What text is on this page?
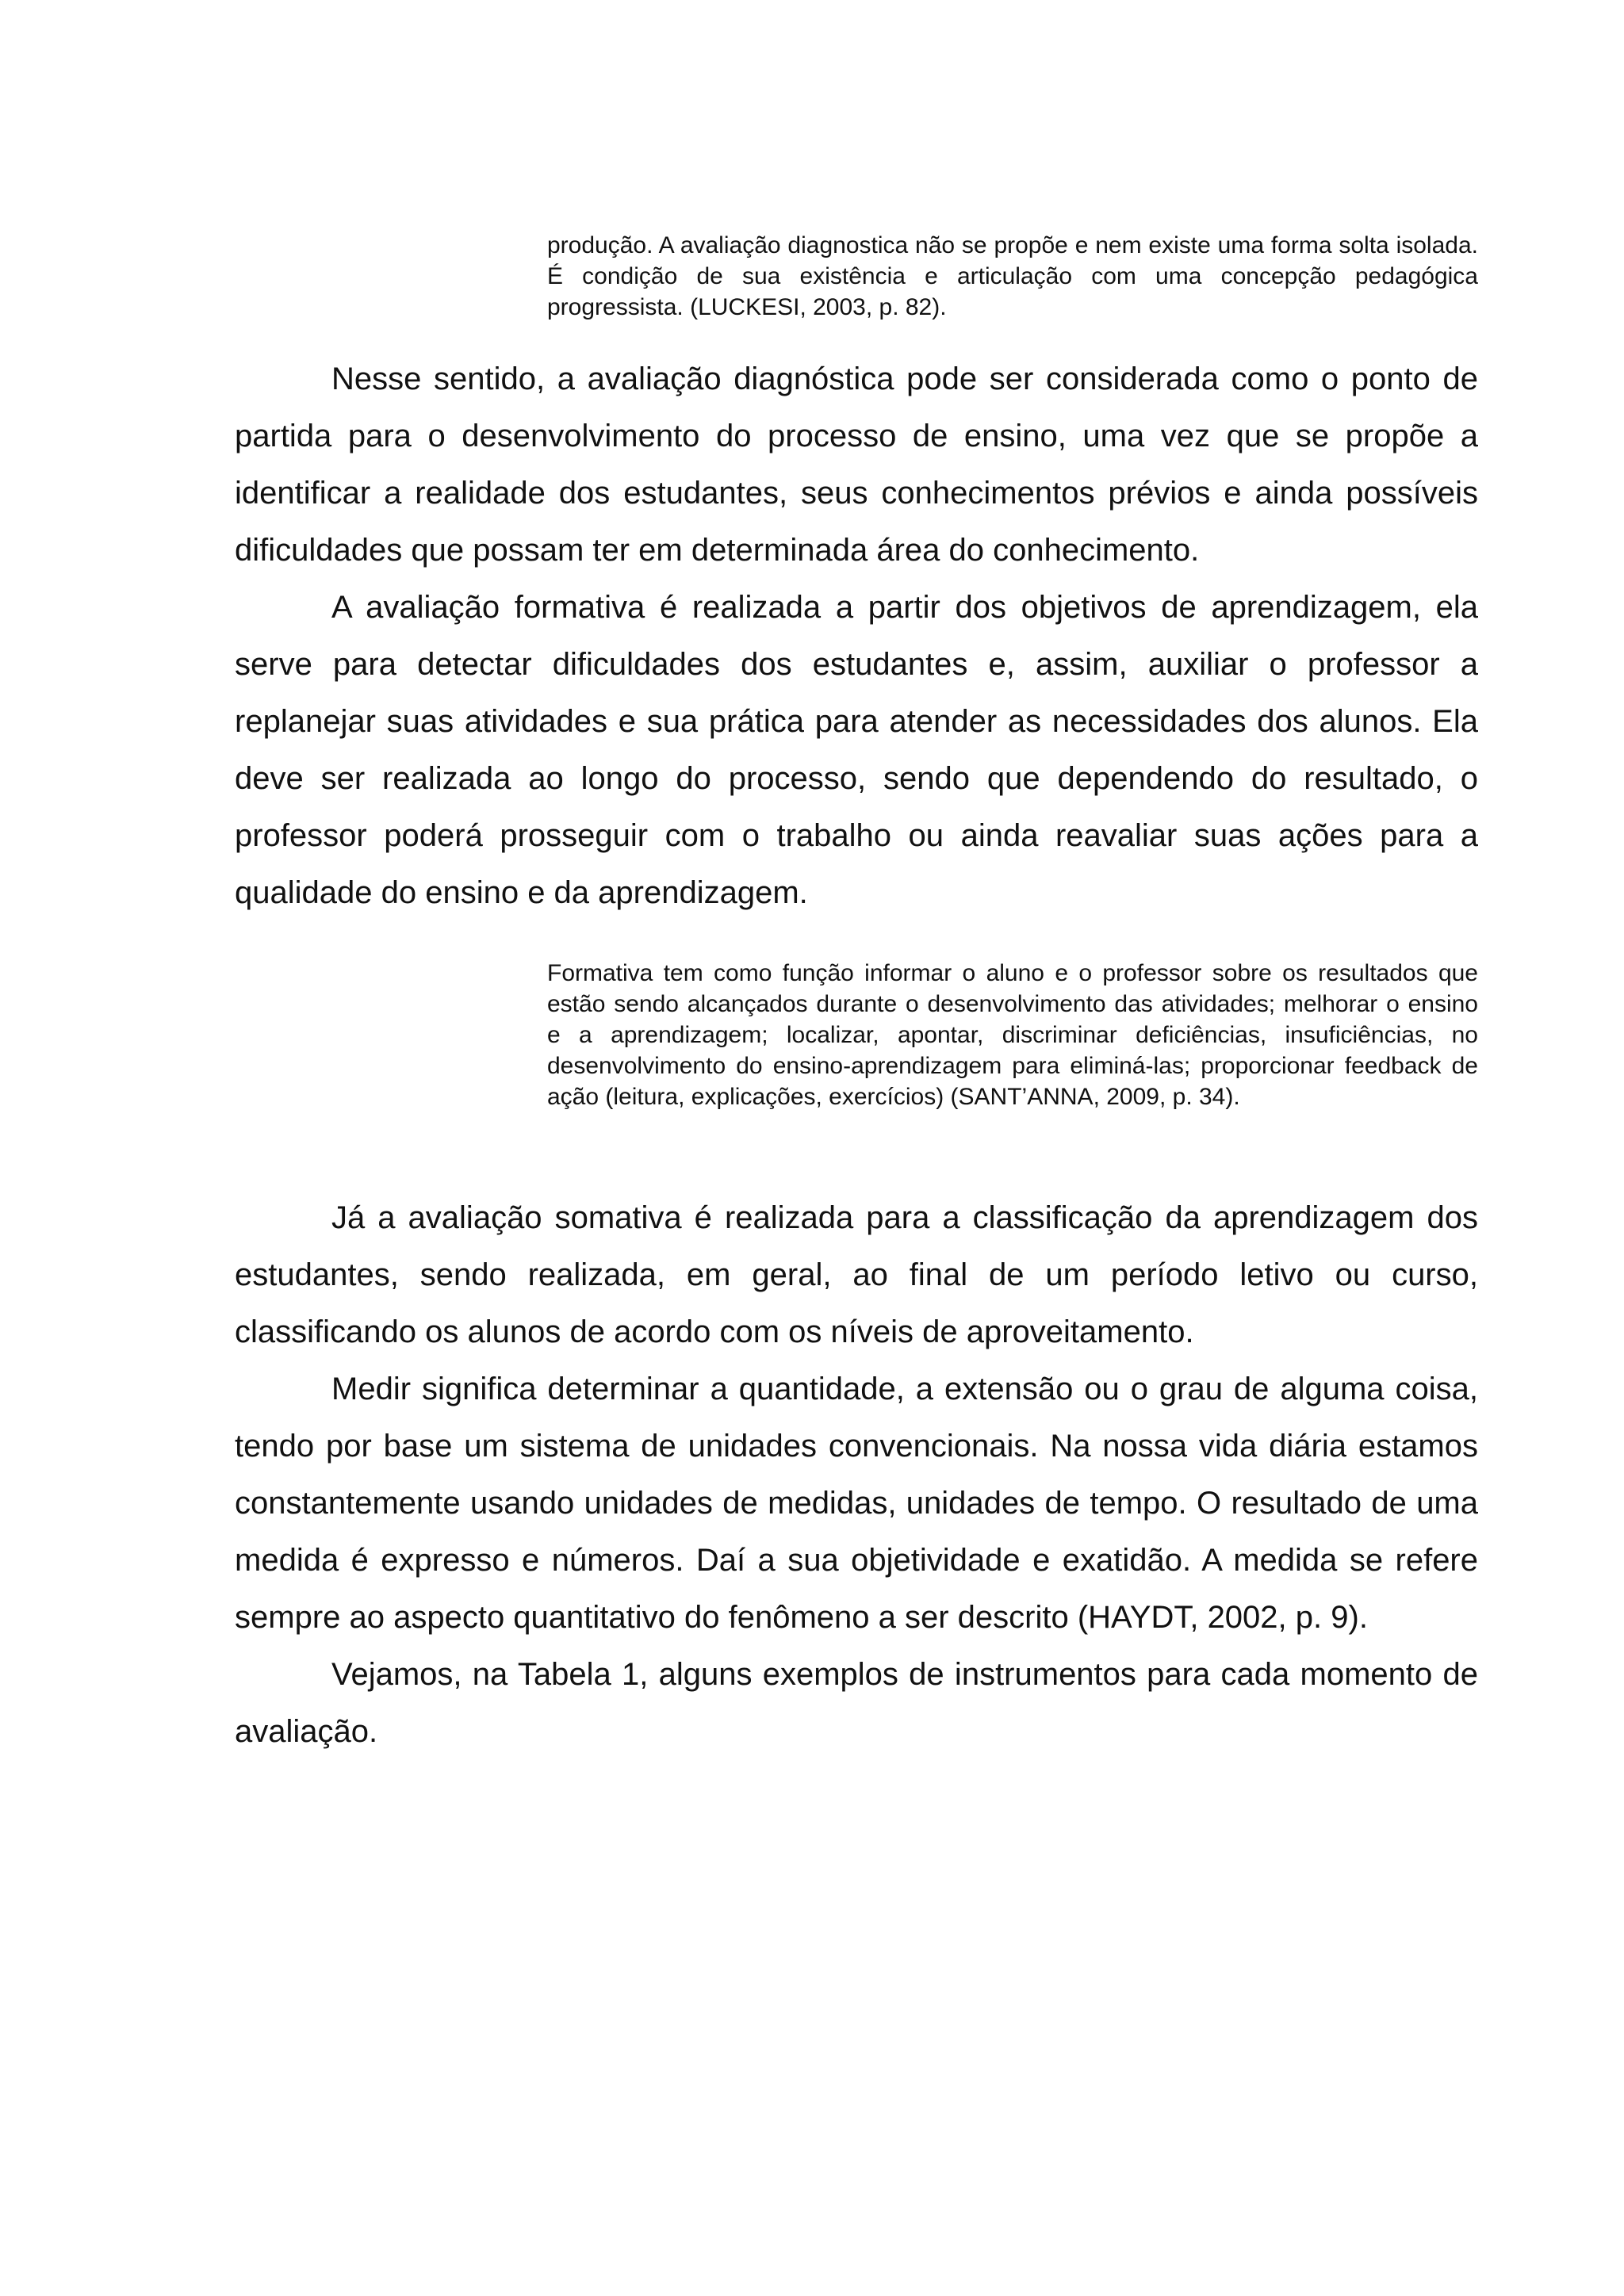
produção. A avaliação diagnostica não se propõe e nem existe uma forma solta isolada. É condição de sua existência e articulação com uma concepção pedagógica progressista. (LUCKESI, 2003, p. 82).

Nesse sentido, a avaliação diagnóstica pode ser considerada como o ponto de partida para o desenvolvimento do processo de ensino, uma vez que se propõe a identificar a realidade dos estudantes, seus conhecimentos prévios e ainda possíveis dificuldades que possam ter em determinada área do conhecimento.

A avaliação formativa é realizada a partir dos objetivos de aprendizagem, ela serve para detectar dificuldades dos estudantes e, assim, auxiliar o professor a replanejar suas atividades e sua prática para atender as necessidades dos alunos. Ela deve ser realizada ao longo do processo, sendo que dependendo do resultado, o professor poderá prosseguir com o trabalho ou ainda reavaliar suas ações para a qualidade do ensino e da aprendizagem.

Formativa tem como função informar o aluno e o professor sobre os resultados que estão sendo alcançados durante o desenvolvimento das atividades; melhorar o ensino e a aprendizagem; localizar, apontar, discriminar deficiências, insuficiências, no desenvolvimento do ensino-aprendizagem para eliminá-las; proporcionar feedback de ação (leitura, explicações, exercícios) (SANT’ANNA, 2009, p. 34).

Já a avaliação somativa é realizada para a classificação da aprendizagem dos estudantes, sendo realizada, em geral, ao final de um período letivo ou curso, classificando os alunos de acordo com os níveis de aproveitamento.

Medir significa determinar a quantidade, a extensão ou o grau de alguma coisa, tendo por base um sistema de unidades convencionais. Na nossa vida diária estamos constantemente usando unidades de medidas, unidades de tempo. O resultado de uma medida é expresso e números. Daí a sua objetividade e exatidão. A medida se refere sempre ao aspecto quantitativo do fenômeno a ser descrito (HAYDT, 2002, p. 9).

Vejamos, na Tabela 1, alguns exemplos de instrumentos para cada momento de avaliação.
